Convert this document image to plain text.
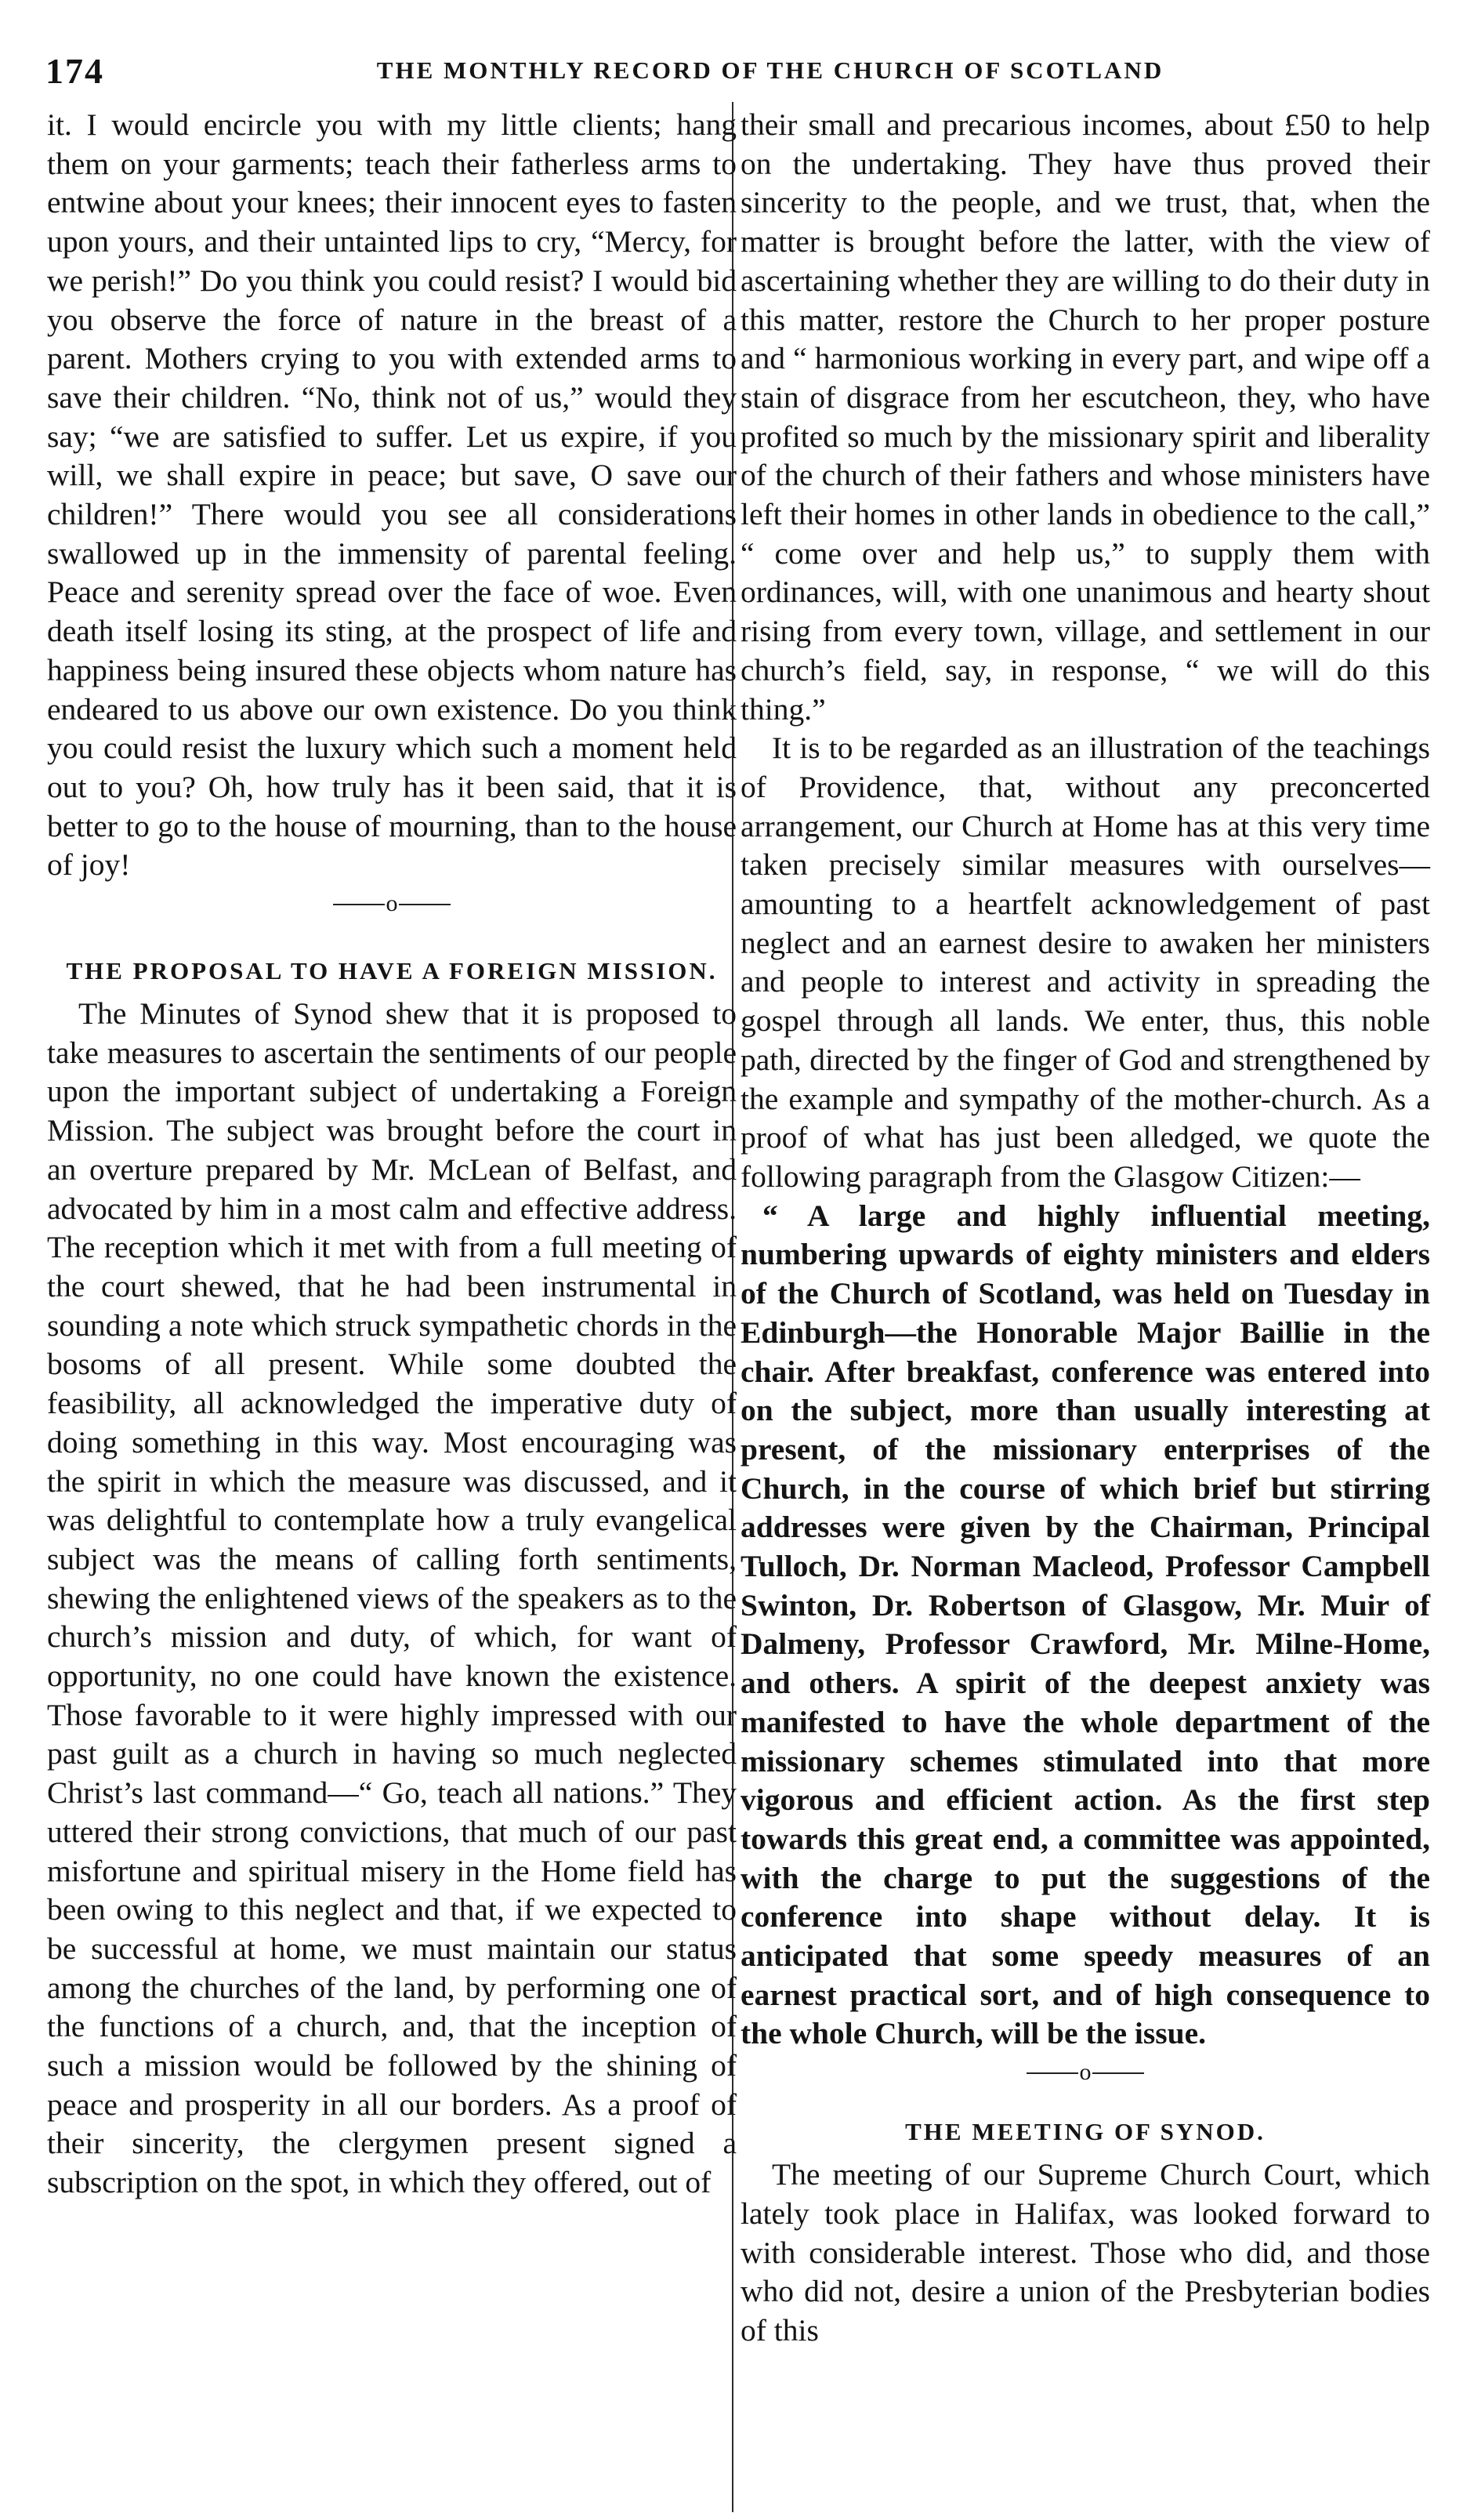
174	THE MONTHLY RECORD OF THE CHURCH OF SCOTLAND

it. I would encircle you with my little clients; hang them on your garments; teach their fatherless arms to entwine about your knees; their innocent eyes to fasten upon yours, and their untainted lips to cry, “Mercy, for we perish!” Do you think you could resist? I would bid you observe the force of nature in the breast of a parent. Mothers crying to you with extended arms to save their children. “No, think not of us,” would they say; “we are satisfied to suffer. Let us expire, if you will, we shall expire in peace; but save, O save our children!” There would you see all considerations swallowed up in the immensity of parental feeling. Peace and serenity spread over the face of woe. Even death itself losing its sting, at the prospect of life and happiness being insured these objects whom nature has endeared to us above our own existence. Do you think you could resist the luxury which such a moment held out to you? Oh, how truly has it been said, that it is better to go to the house of mourning, than to the house of joy!

o
THE PROPOSAL TO HAVE A FOREIGN MISSION.

The Minutes of Synod shew that it is proposed to take measures to ascertain the sentiments of our people upon the important subject of undertaking a Foreign Mission. The subject was brought before the court in an overture prepared by Mr. McLean of Belfast, and advocated by him in a most calm and effective address. The reception which it met with from a full meeting of the court shewed, that he had been instrumental in sounding a note which struck sympathetic chords in the bosoms of all present. While some doubted the feasibility, all acknowledged the imperative duty of doing something in this way. Most encouraging was the spirit in which the measure was discussed, and it was delightful to contemplate how a truly evangelical subject was the means of calling forth sentiments, shewing the enlightened views of the speakers as to the church’s mission and duty, of which, for want of opportunity, no one could have known the existence. Those favorable to it were highly impressed with our past guilt as a church in having so much neglected Christ’s last command—“ Go, teach all nations.” They uttered their strong convictions, that much of our past misfortune and spiritual misery in the Home field has been owing to this neglect and that, if we expected to be successful at home, we must maintain our status among the churches of the land, by performing one of the functions of a church, and, that the inception of such a mission would be followed by the shining of peace and prosperity in all our borders. As a proof of their sincerity, the clergymen present signed a subscription on the spot, in which they offered, out of

their small and precarious incomes, about £50 to help on the undertaking. They have thus proved their sincerity to the people, and we trust, that, when the matter is brought before the latter, with the view of ascertaining whether they are willing to do their duty in this matter, restore the Church to her proper posture and “ harmonious working in every part, and wipe off a stain of disgrace from her escutcheon, they, who have profited so much by the missionary spirit and liberality of the church of their fathers and whose ministers have left their homes in other lands in obedience to the call,” “ come over and help us,” to supply them with ordinances, will, with one unanimous and hearty shout rising from every town, village, and settlement in our church’s field, say, in response, “ we will do this thing.”

It is to be regarded as an illustration of the teachings of Providence, that, without any preconcerted arrangement, our Church at Home has at this very time taken precisely similar measures with ourselves—amounting to a heartfelt acknowledgement of past neglect and an earnest desire to awaken her ministers and people to interest and activity in spreading the gospel through all lands. We enter, thus, this noble path, directed by the finger of God and strengthened by the example and sympathy of the mother-church. As a proof of what has just been alledged, we quote the following paragraph from the Glasgow Citizen:—

“ A large and highly influential meeting, numbering upwards of eighty ministers and elders of the Church of Scotland, was held on Tuesday in Edinburgh—the Honorable Major Baillie in the chair. After breakfast, conference was entered into on the subject, more than usually interesting at present, of the missionary enterprises of the Church, in the course of which brief but stirring addresses were given by the Chairman, Principal Tulloch, Dr. Norman Macleod, Professor Campbell Swinton, Dr. Robertson of Glasgow, Mr. Muir of Dalmeny, Professor Crawford, Mr. Milne-Home, and others. A spirit of the deepest anxiety was manifested to have the whole department of the missionary schemes stimulated into that more vigorous and efficient action. As the first step towards this great end, a committee was appointed, with the charge to put the suggestions of the conference into shape without delay. It is anticipated that some speedy measures of an earnest practical sort, and of high consequence to the whole Church, will be the issue.

o
THE MEETING OF SYNOD.

The meeting of our Supreme Church Court, which lately took place in Halifax, was looked forward to with considerable interest. Those who did, and those who did not, desire a union of the Presbyterian bodies of this
